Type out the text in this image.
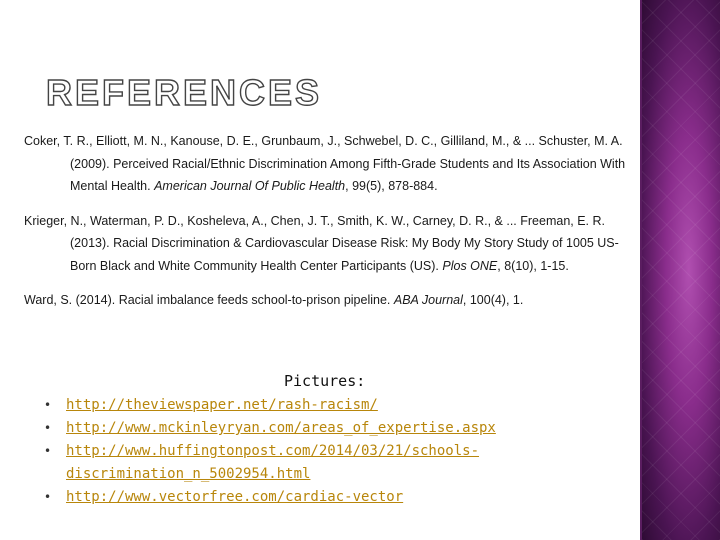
REFERENCES

Coker, T. R., Elliott, M. N., Kanouse, D. E., Grunbaum, J., Schwebel, D. C., Gilliland, M., & ... Schuster, M. A. (2009). Perceived Racial/Ethnic Discrimination Among Fifth-Grade Students and Its Association With Mental Health. American Journal Of Public Health, 99(5), 878-884.

Krieger, N., Waterman, P. D., Kosheleva, A., Chen, J. T., Smith, K. W., Carney, D. R., & ... Freeman, E. R. (2013). Racial Discrimination & Cardiovascular Disease Risk: My Body My Story Study of 1005 US-Born Black and White Community Health Center Participants (US). Plos ONE, 8(10), 1-15.

Ward, S. (2014). Racial imbalance feeds school-to-prison pipeline. ABA Journal, 100(4), 1.

Pictures:
• http://theviewspaper.net/rash-racism/
• http://www.mckinleyryan.com/areas_of_expertise.aspx
• http://www.huffingtonpost.com/2014/03/21/schools-discrimination_n_5002954.html
• http://www.vectorfree.com/cardiac-vector
